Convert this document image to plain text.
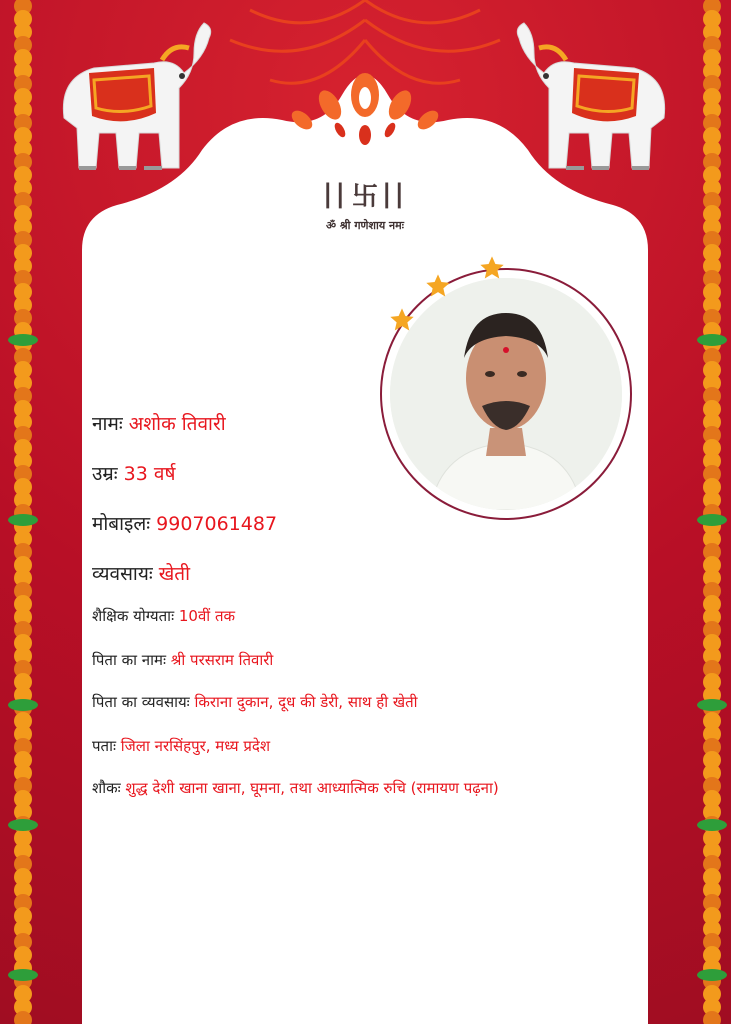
|| 卐 ||
ॐ श्री गणेशाय नमः
नामः अशोक तिवारी
उम्रः 33 वर्ष
मोबाइलः 9907061487
व्यवसायः खेती
शैक्षिक योग्यताः 10वीं तक
पिता का नामः श्री परसराम तिवारी
पिता का व्यवसायः किराना दुकान, दूध की डेरी, साथ ही खेती
पताः जिला नरसिंहपुर, मध्य प्रदेश
शौकः शुद्ध देशी खाना खाना, घूमना, तथा आध्यात्मिक रुचि (रामायण पढ़ना)
